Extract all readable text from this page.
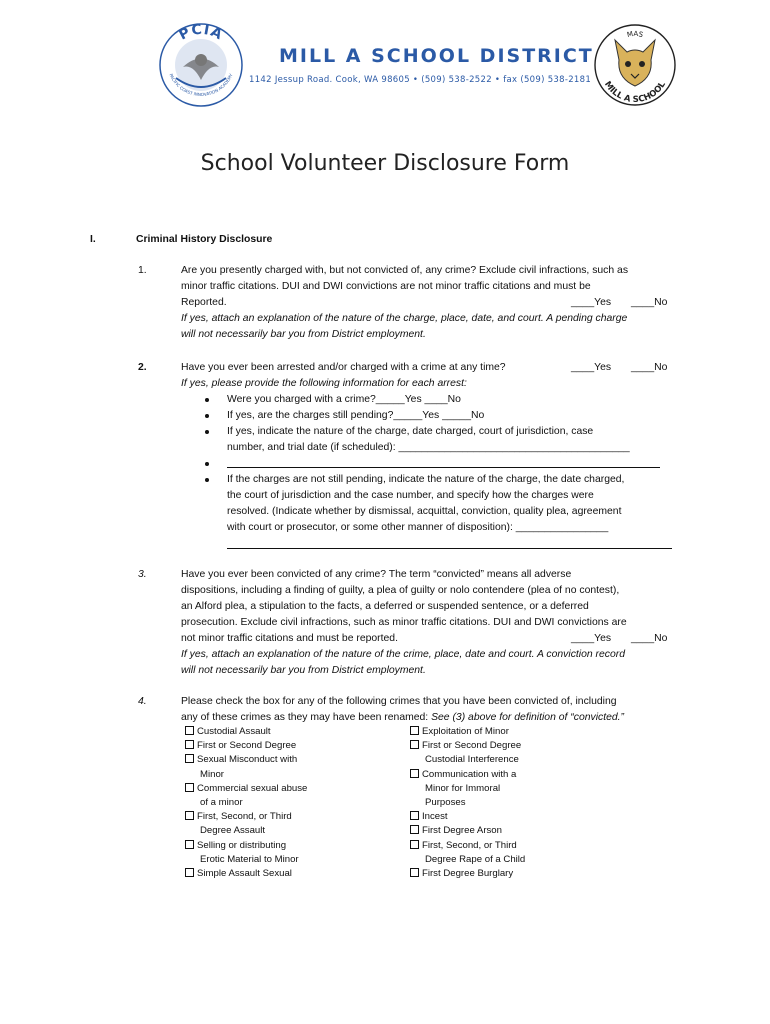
PCIA
PACIFIC COAST INNOVATION ACADEMY
MILL A SCHOOL DISTRICT
1142 Jessup Road. Cook, WA 98605 • (509) 538-2522 • fax (509) 538-2181
MAS
MILL A SCHOOL
School Volunteer Disclosure Form
I.	Criminal History Disclosure
1.	Are you presently charged with, but not convicted of, any crime? Exclude civil infractions, such as
minor traffic citations. DUI and DWI convictions are not minor traffic citations and must be
Reported.	____Yes ____No
If yes, attach an explanation of the nature of the charge, place, date, and court. A pending charge
will not necessarily bar you from District employment.
2.	Have you ever been arrested and/or charged with a crime at any time?	____Yes ____No
If yes, please provide the following information for each arrest:
Were you charged with a crime?_____Yes ____No
If yes, are the charges still pending?_____Yes _____No
If yes, indicate the nature of the charge, date charged, court of jurisdiction, case
number, and trial date (if scheduled): ________________________________________
If the charges are not still pending, indicate the nature of the charge, the date charged,
the court of jurisdiction and the case number, and specify how the charges were
resolved. (Indicate whether by dismissal, acquittal, conviction, quality plea, agreement
with court or prosecutor, or some other manner of disposition): ________________
3.	Have you ever been convicted of any crime? The term “convicted” means all adverse
dispositions, including a finding of guilty, a plea of guilty or nolo contendere (plea of no contest),
an Alford plea, a stipulation to the facts, a deferred or suspended sentence, or a deferred
prosecution. Exclude civil infractions, such as minor traffic citations. DUI and DWI convictions are
not minor traffic citations and must be reported.	____Yes ____No
If yes, attach an explanation of the nature of the crime, place, date and court. A conviction record
will not necessarily bar you from District employment.
4.	Please check the box for any of the following crimes that you have been convicted of, including
any of these crimes as they may have been renamed: See (3) above for definition of “convicted.”
Custodial Assault
First or Second Degree
Sexual Misconduct with
Minor
Commercial sexual abuse
of a minor
First, Second, or Third
Degree Assault
Selling or distributing
Erotic Material to Minor
Simple Assault Sexual
Exploitation of Minor
First or Second Degree
Custodial Interference
Communication with a
Minor for Immoral
Purposes
Incest
First Degree Arson
First, Second, or Third
Degree Rape of a Child
First Degree Burglary
